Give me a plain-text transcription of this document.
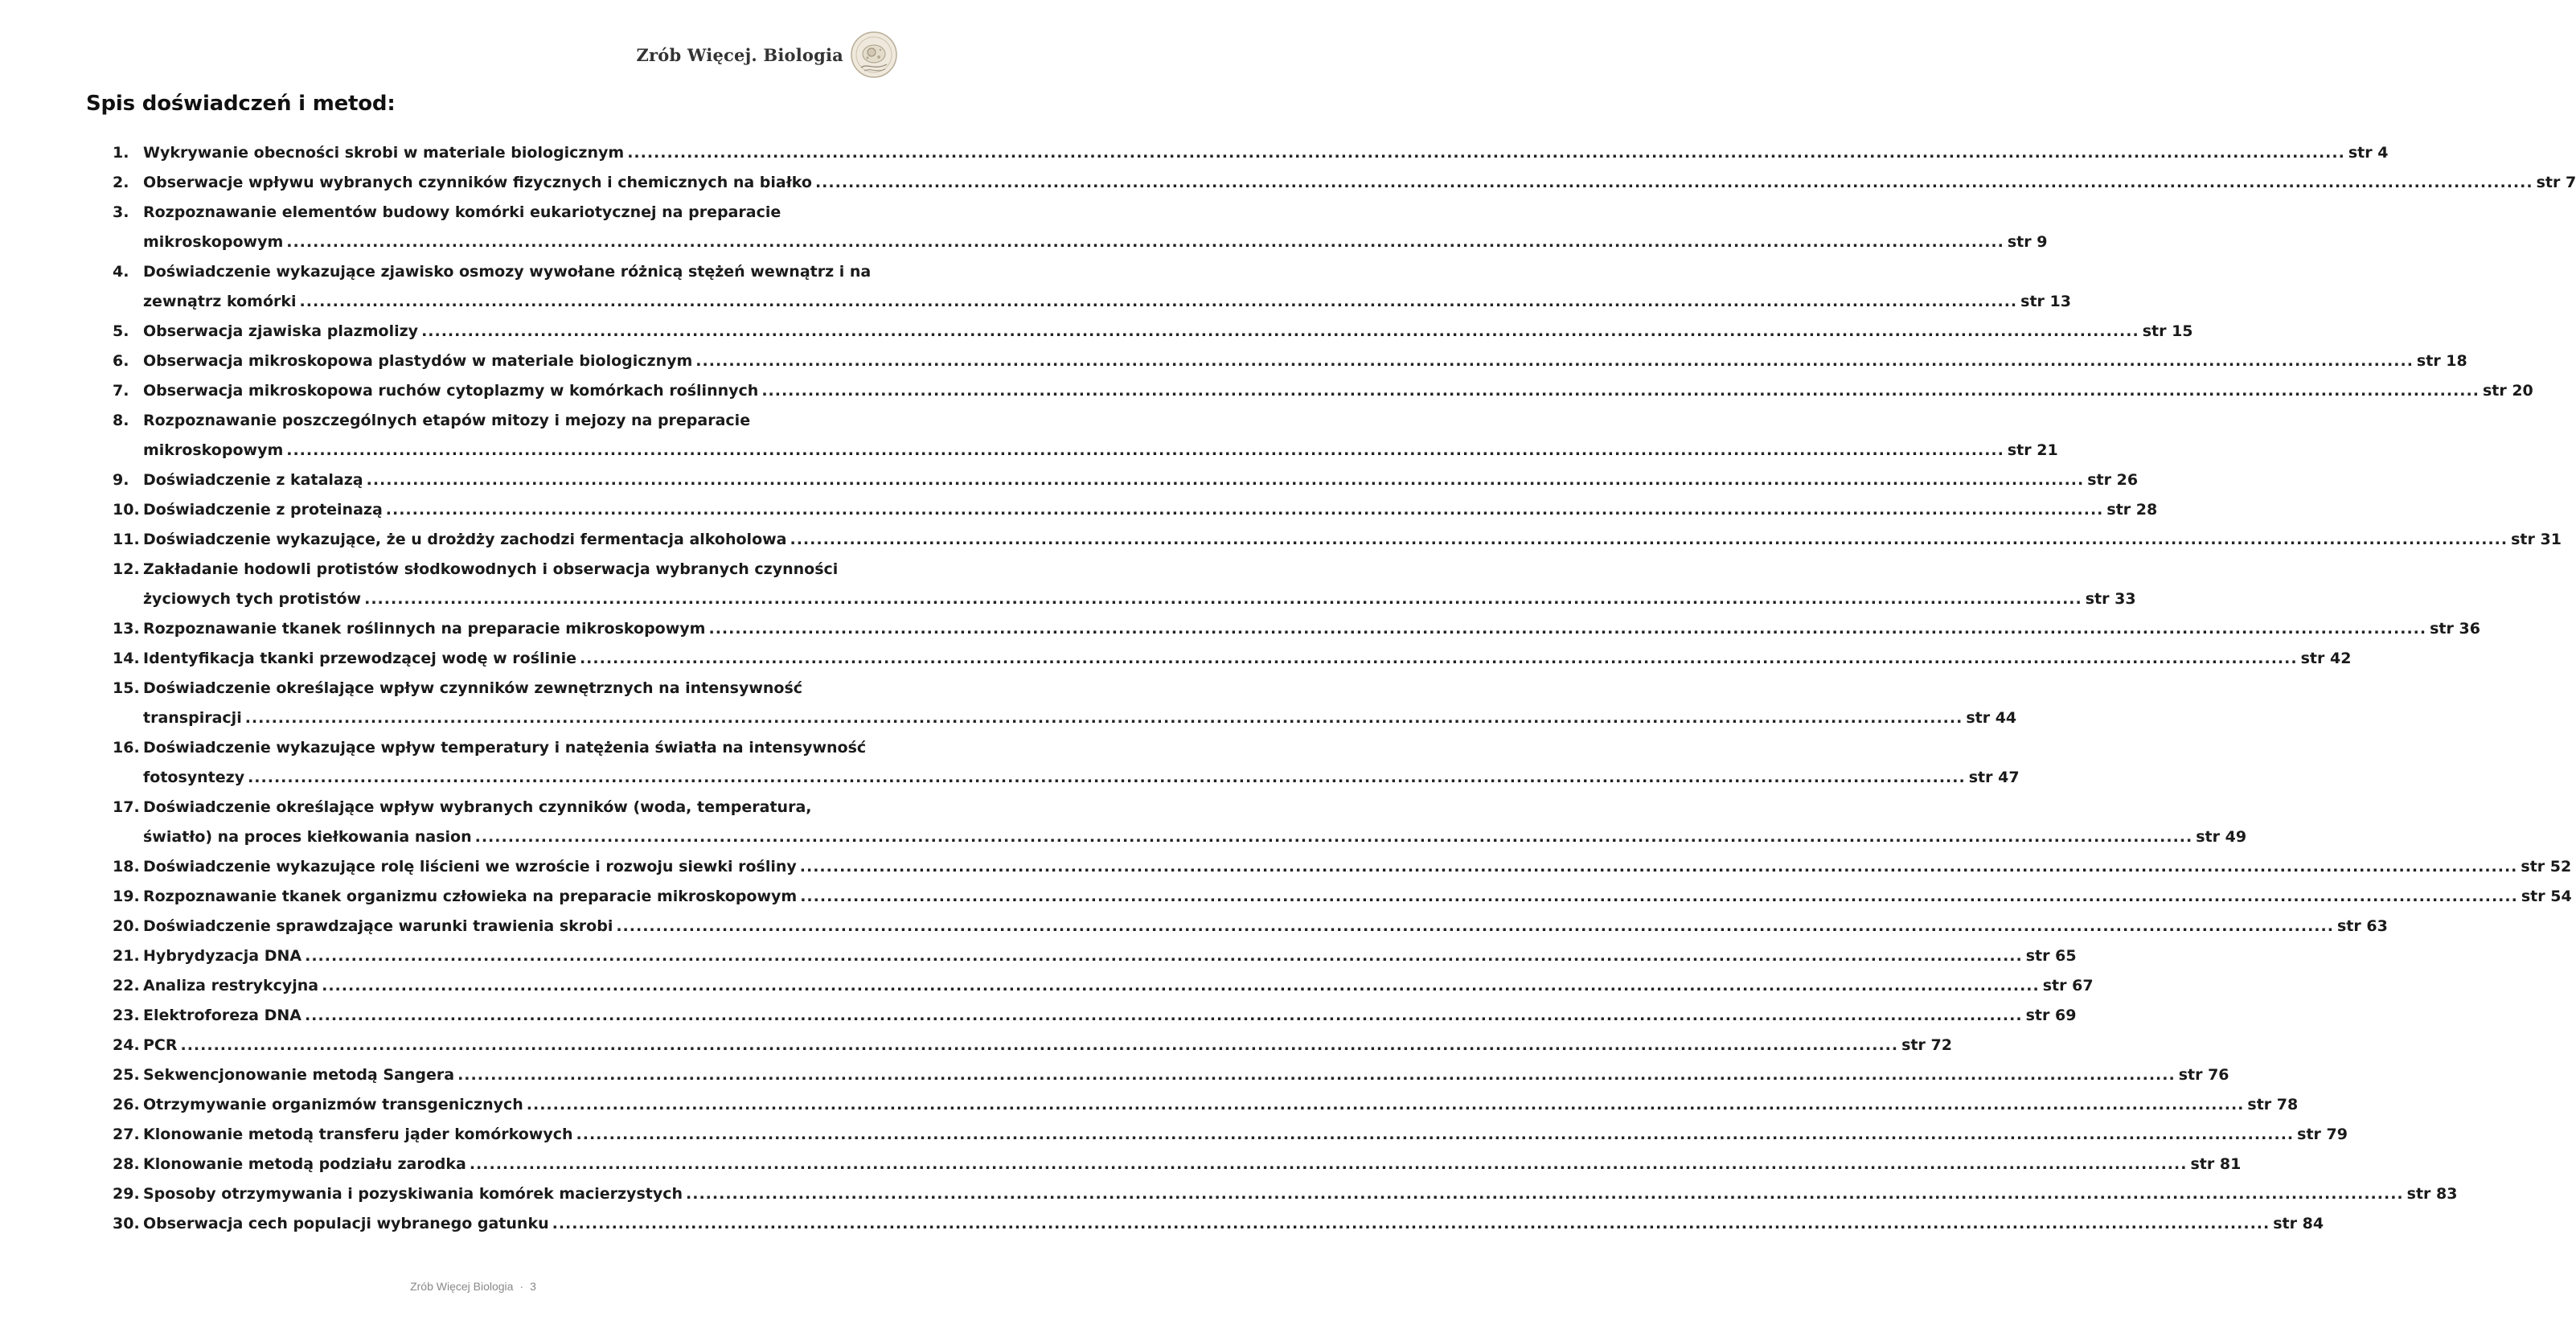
Zrób Więcej. Biologia
Spis doświadczeń i metod:
1. Wykrywanie obecności skrobi w materiale biologicznym .................................................................................................................................................................................................................................................................... str 4
2. Obserwacje wpływu wybranych czynników fizycznych i chemicznych na białko .................................................................................................................................................................................................................................................................... str 7
3. Rozpoznawanie elementów budowy komórki eukariotycznej na preparacie
mikroskopowym .................................................................................................................................................................................................................................................................... str 9
4. Doświadczenie wykazujące zjawisko osmozy wywołane różnicą stężeń wewnątrz i na
zewnątrz komórki .................................................................................................................................................................................................................................................................... str 13
5. Obserwacja zjawiska plazmolizy .................................................................................................................................................................................................................................................................... str 15
6. Obserwacja mikroskopowa plastydów w materiale biologicznym .................................................................................................................................................................................................................................................................... str 18
7. Obserwacja mikroskopowa ruchów cytoplazmy w komórkach roślinnych .................................................................................................................................................................................................................................................................... str 20
8. Rozpoznawanie poszczególnych etapów mitozy i mejozy na preparacie
mikroskopowym .................................................................................................................................................................................................................................................................... str 21
9. Doświadczenie z katalazą .................................................................................................................................................................................................................................................................... str 26
10. Doświadczenie z proteinazą .................................................................................................................................................................................................................................................................... str 28
11. Doświadczenie wykazujące, że u drożdży zachodzi fermentacja alkoholowa .................................................................................................................................................................................................................................................................... str 31
12. Zakładanie hodowli protistów słodkowodnych i obserwacja wybranych czynności
życiowych tych protistów .................................................................................................................................................................................................................................................................... str 33
13. Rozpoznawanie tkanek roślinnych na preparacie mikroskopowym .................................................................................................................................................................................................................................................................... str 36
14. Identyfikacja tkanki przewodzącej wodę w roślinie .................................................................................................................................................................................................................................................................... str 42
15. Doświadczenie określające wpływ czynników zewnętrznych na intensywność
transpiracji .................................................................................................................................................................................................................................................................... str 44
16. Doświadczenie wykazujące wpływ temperatury i natężenia światła na intensywność
fotosyntezy .................................................................................................................................................................................................................................................................... str 47
17. Doświadczenie określające wpływ wybranych czynników (woda, temperatura,
światło) na proces kiełkowania nasion .................................................................................................................................................................................................................................................................... str 49
18. Doświadczenie wykazujące rolę liścieni we wzroście i rozwoju siewki rośliny .................................................................................................................................................................................................................................................................... str 52
19. Rozpoznawanie tkanek organizmu człowieka na preparacie mikroskopowym .................................................................................................................................................................................................................................................................... str 54
20. Doświadczenie sprawdzające warunki trawienia skrobi .................................................................................................................................................................................................................................................................... str 63
21. Hybrydyzacja DNA .................................................................................................................................................................................................................................................................... str 65
22. Analiza restrykcyjna .................................................................................................................................................................................................................................................................... str 67
23. Elektroforeza DNA .................................................................................................................................................................................................................................................................... str 69
24. PCR .................................................................................................................................................................................................................................................................... str 72
25. Sekwencjonowanie metodą Sangera .................................................................................................................................................................................................................................................................... str 76
26. Otrzymywanie organizmów transgenicznych .................................................................................................................................................................................................................................................................... str 78
27. Klonowanie metodą transferu jąder komórkowych .................................................................................................................................................................................................................................................................... str 79
28. Klonowanie metodą podziału zarodka .................................................................................................................................................................................................................................................................... str 81
29. Sposoby otrzymywania i pozyskiwania komórek macierzystych .................................................................................................................................................................................................................................................................... str 83
30. Obserwacja cech populacji wybranego gatunku .................................................................................................................................................................................................................................................................... str 84
Zrób Więcej Biologia · 3
